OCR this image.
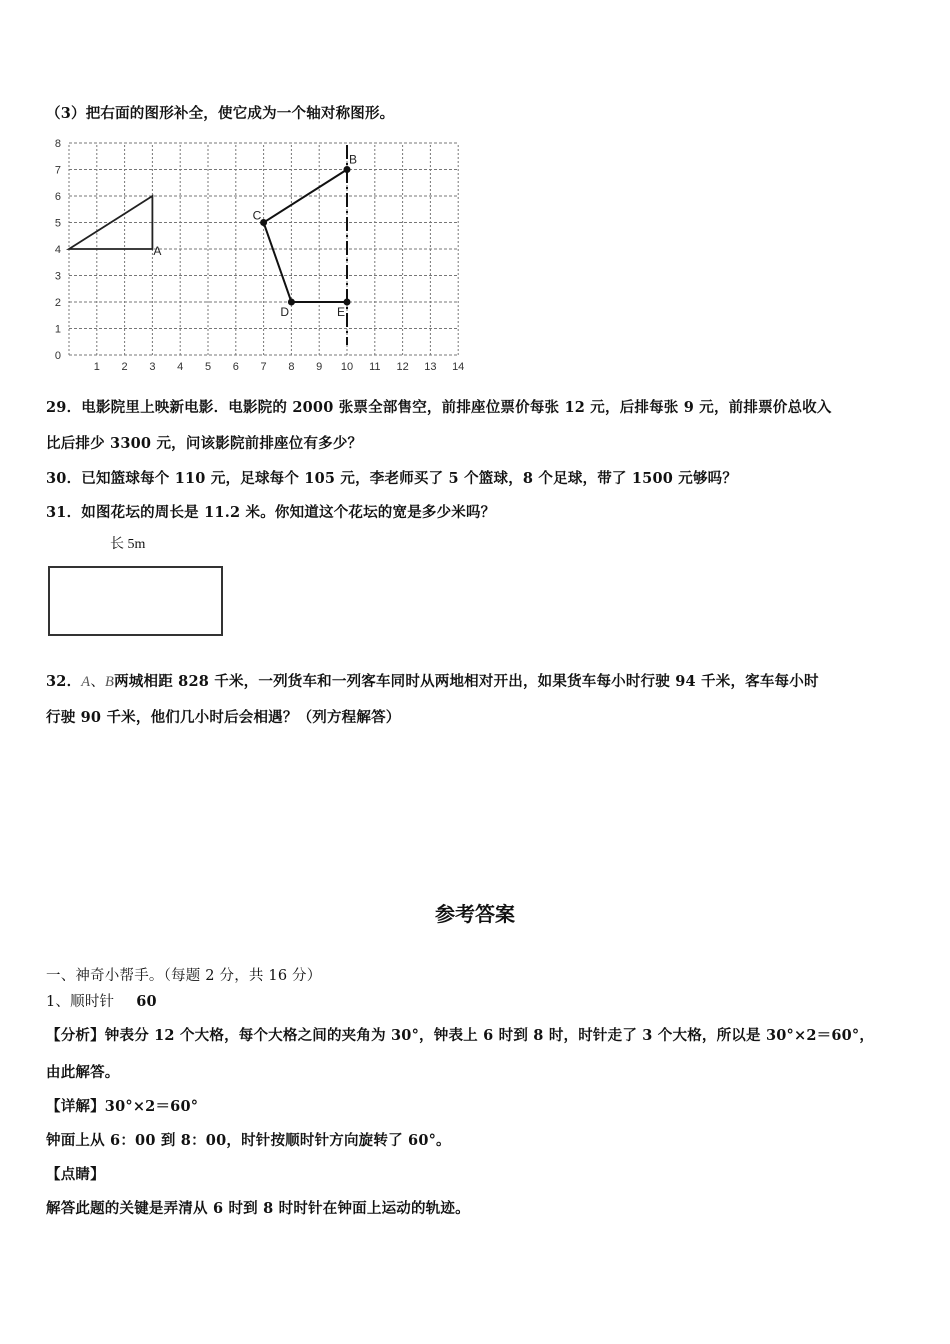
（3）把右面的图形补全，使它成为一个轴对称图形。
1 2 3 4 5 6 7 8 9 10 11 12 13 14
0
1
2
3
4
5
6
7
8
A
B
C
D	E
29．电影院里上映新电影．电影院的 2000 张票全部售空，前排座位票价每张 12 元，后排每张 9 元，前排票价总收入
比后排少 3300 元，问该影院前排座位有多少？
30．已知篮球每个 110 元，足球每个 105 元，李老师买了 5 个篮球，8 个足球，带了 1500 元够吗？
31．如图花坛的周长是 11.2 米。你知道这个花坛的宽是多少米吗？
长 5m
32．A、B两城相距 828 千米，一列货车和一列客车同时从两地相对开出，如果货车每小时行驶 94 千米，客车每小时
行驶 90 千米，他们几小时后会相遇？（列方程解答）
参考答案
一、神奇小帮手。（每题 2 分，共 16 分）
1、顺时针 60
【分析】钟表分 12 个大格，每个大格之间的夹角为 30°，钟表上 6 时到 8 时，时针走了 3 个大格，所以是 30°×2＝60°，
由此解答。
【详解】30°×2＝60°
钟面上从 6：00 到 8：00，时针按顺时针方向旋转了 60°。
【点睛】
解答此题的关键是弄清从 6 时到 8 时时针在钟面上运动的轨迹。
